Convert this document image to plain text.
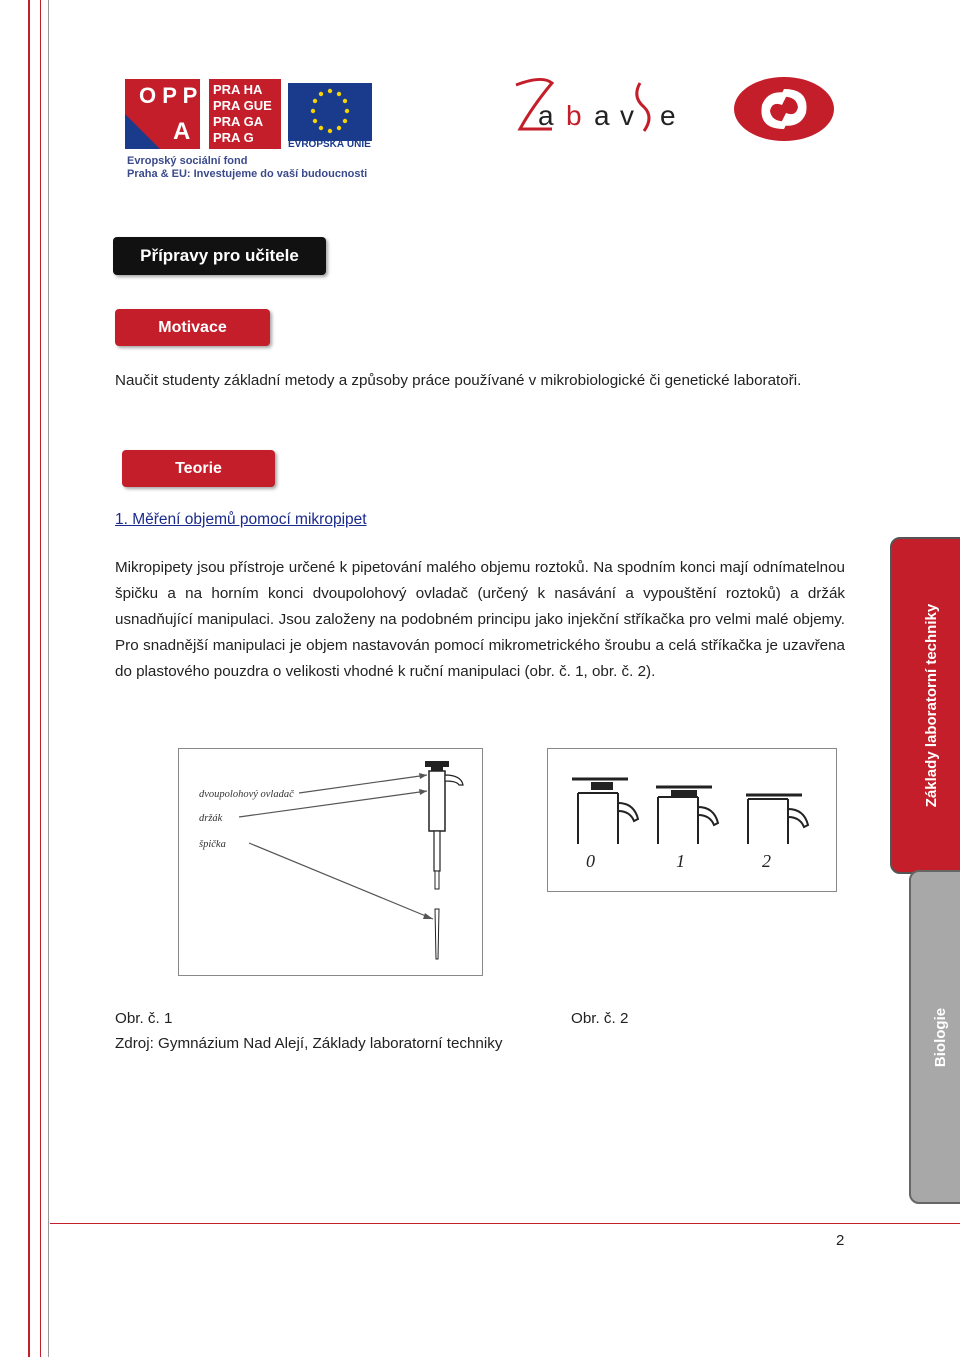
O P P
A
PRA HA
PRA GUE
PRA GA
PRA G	EVROPSKÁ UNIE
Evropský sociální fond
Praha & EU: Investujeme do vaší budoucnosti
a b a v e
Přípravy pro učitele
Motivace
Naučit studenty základní metody a způsoby práce používané v mikrobiologické či genetické laboratoři.
Teorie
1. Měření objemů pomocí mikropipet
Mikropipety jsou přístroje určené k pipetování malého objemu roztoků. Na spodním konci mají odnímatelnou špičku a na horním konci dvoupolohový ovladač (určený k nasávání a vypouštění roztoků) a držák usnadňující manipulaci. Jsou založeny na podobném principu jako injekční stříkačka pro velmi malé objemy. Pro snadnější manipulaci je objem nastavován pomocí mikrometrického šroubu a celá stříkačka je uzavřena do plastového pouzdra o velikosti vhodné k ruční manipulaci (obr. č. 1, obr. č. 2).
dvoupolohový ovladač
držák
špička
0	1	2
Obr. č. 1	Obr. č. 2
Zdroj: Gymnázium Nad Alejí, Základy laboratorní techniky
Základy laboratorní techniky
Biologie
2
